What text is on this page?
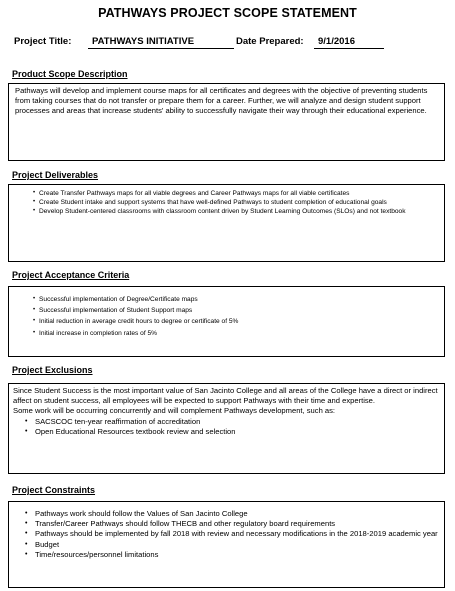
PATHWAYS PROJECT SCOPE STATEMENT
Project Title: PATHWAYS INITIATIVE	Date Prepared: 9/1/2016
Product Scope Description

Pathways will develop and implement course maps for all certificates and degrees with the objective of preventing students from taking courses that do not transfer or prepare them for a career. Further, we will analyze and design student support processes and areas that increase students' ability to successfully navigate their way through their educational experience.

Project Deliverables
• Create Transfer Pathways maps for all viable degrees and Career Pathways maps for all viable certificates
• Create Student intake and support systems that have well-defined Pathways to student completion of educational goals
• Develop Student-centered classrooms with classroom content driven by Student Learning Outcomes (SLOs) and not textbook
Project Acceptance Criteria
• Successful implementation of Degree/Certificate maps
• Successful implementation of Student Support maps
• Initial reduction in average credit hours to degree or certificate of 5%
• Initial increase in completion rates of 5%
Project Exclusions

Since Student Success is the most important value of San Jacinto College and all areas of the College have a direct or indirect affect on student success, all employees will be expected to support Pathways with their time and expertise.

Some work will be occurring concurrently and will complement Pathways development, such as:

• SACSCOC ten-year reaffirmation of accreditation
• Open Educational Resources textbook review and selection
Project Constraints
• Pathways work should follow the Values of San Jacinto College
• Transfer/Career Pathways should follow THECB and other regulatory board requirements
• Pathways should be implemented by fall 2018 with review and necessary modifications in the 2018-2019 academic year
• Budget
• Time/resources/personnel limitations
